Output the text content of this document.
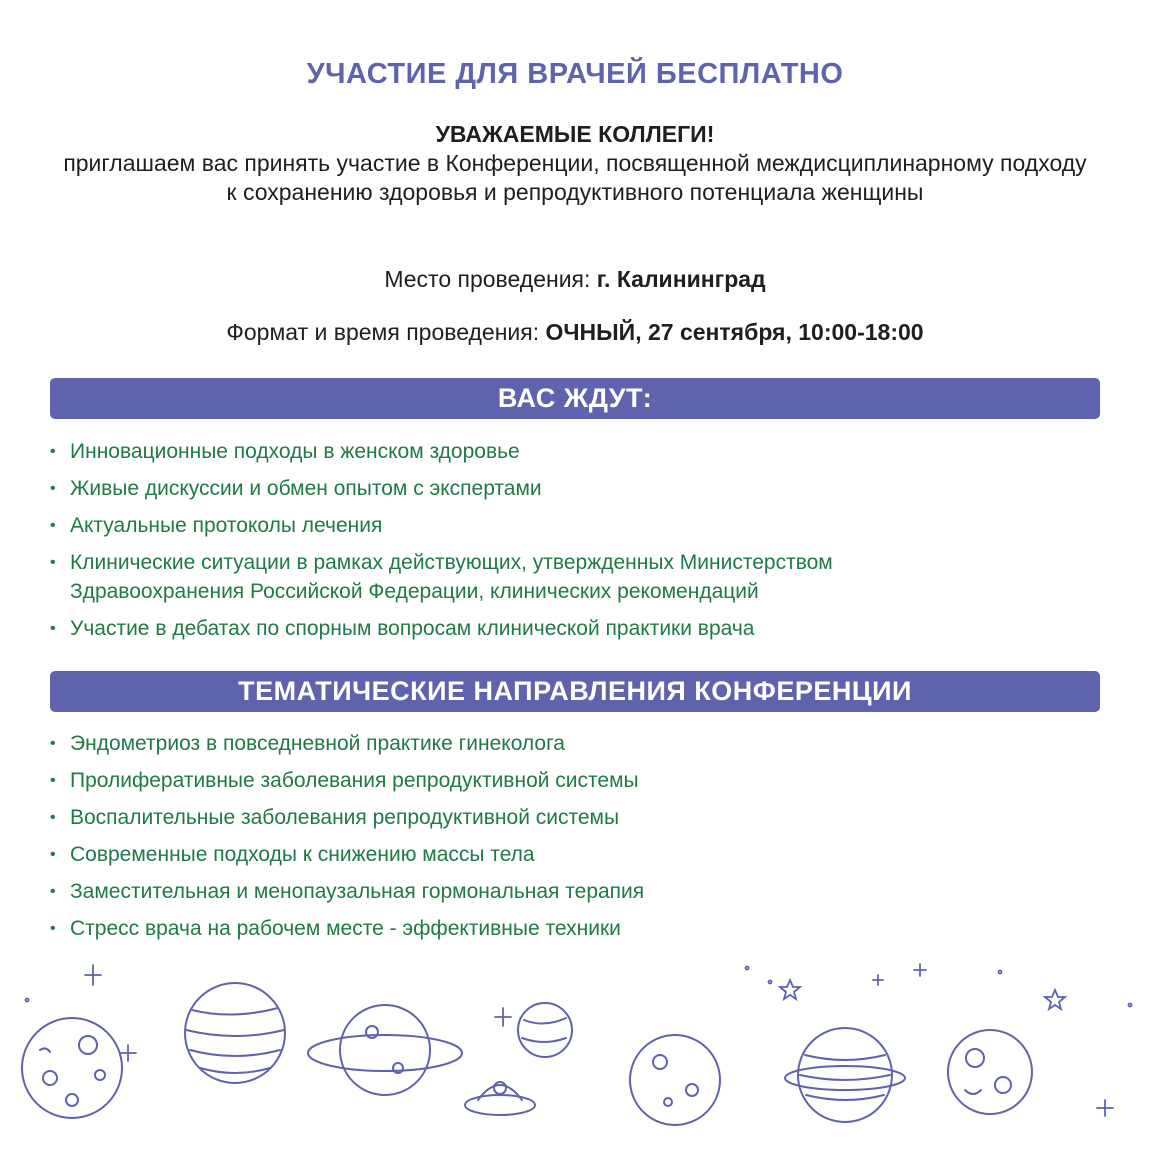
УЧАСТИЕ ДЛЯ ВРАЧЕЙ БЕСПЛАТНО
УВАЖАЕМЫЕ КОЛЛЕГИ!
приглашаем вас принять участие в Конференции, посвященной междисциплинарному подходу к сохранению здоровья и репродуктивного потенциала женщины
Место проведения: г. Калининград
Формат и время проведения: ОЧНЫЙ, 27 сентября, 10:00-18:00
ВАС ЖДУТ:
• Инновационные подходы в женском здоровье
• Живые дискуссии и обмен опытом с экспертами
• Актуальные протоколы лечения
• Клинические ситуации в рамках действующих, утвержденных Министерством Здравоохранения Российской Федерации, клинических рекомендаций
• Участие в дебатах по спорным вопросам клинической практики врача
ТЕМАТИЧЕСКИЕ НАПРАВЛЕНИЯ КОНФЕРЕНЦИИ
• Эндометриоз в повседневной практике гинеколога
• Пролиферативные заболевания репродуктивной системы
• Воспалительные заболевания репродуктивной системы
• Современные подходы к снижению массы тела
• Заместительная и менопаузальная гормональная терапия
• Стресс врача на рабочем месте - эффективные техники
